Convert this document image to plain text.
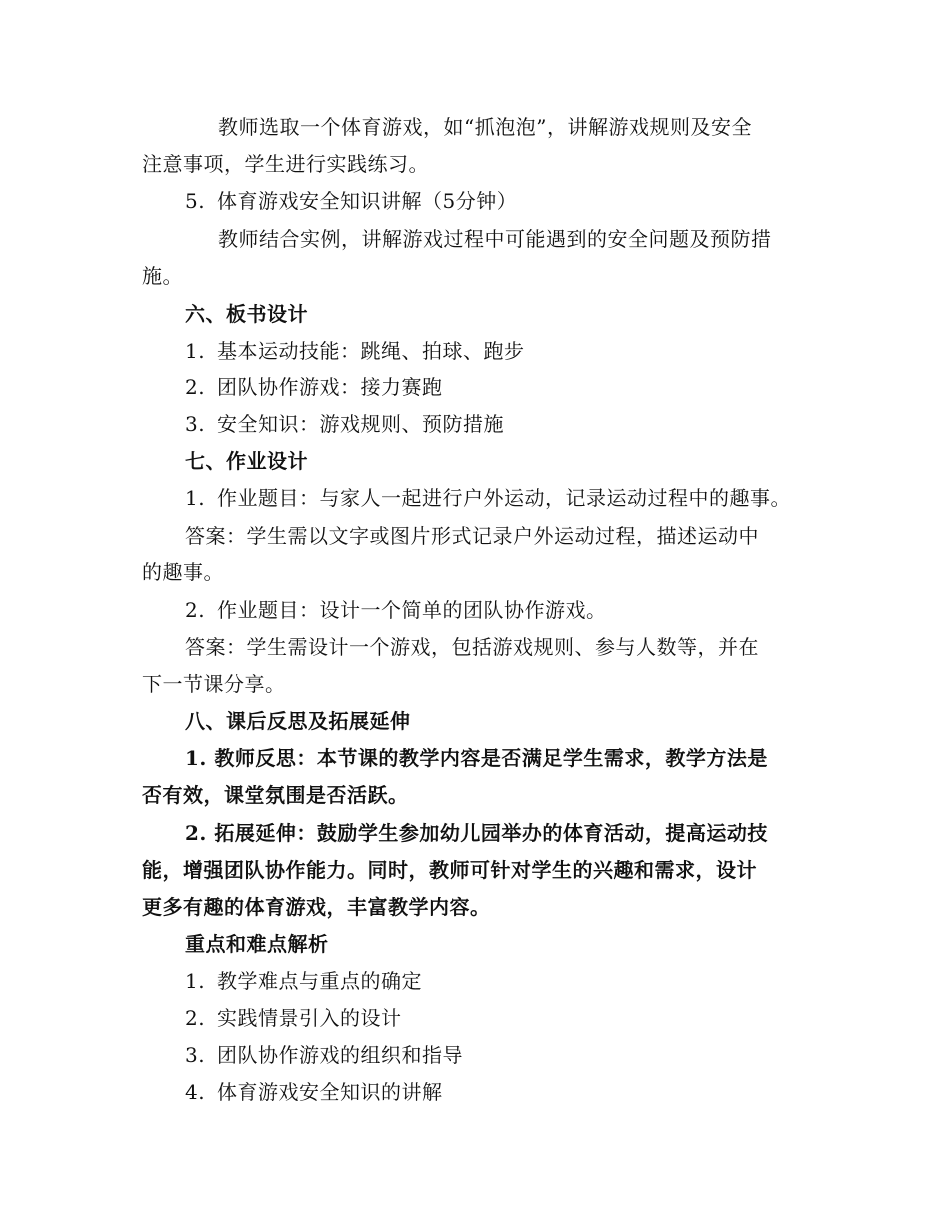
教师选取一个体育游戏，如“抓泡泡”，讲解游戏规则及安全
注意事项，学生进行实践练习。
5. 体育游戏安全知识讲解（5分钟）
教师结合实例，讲解游戏过程中可能遇到的安全问题及预防措
施。
六、板书设计
1. 基本运动技能：跳绳、拍球、跑步
2. 团队协作游戏：接力赛跑
3. 安全知识：游戏规则、预防措施
七、作业设计
1. 作业题目：与家人一起进行户外运动，记录运动过程中的趣事。
答案：学生需以文字或图片形式记录户外运动过程，描述运动中
的趣事。
2. 作业题目：设计一个简单的团队协作游戏。
答案：学生需设计一个游戏，包括游戏规则、参与人数等，并在
下一节课分享。
八、课后反思及拓展延伸
1. 教师反思：本节课的教学内容是否满足学生需求，教学方法是
否有效，课堂氛围是否活跃。
2. 拓展延伸：鼓励学生参加幼儿园举办的体育活动，提高运动技
能，增强团队协作能力。同时，教师可针对学生的兴趣和需求，设计
更多有趣的体育游戏，丰富教学内容。
重点和难点解析
1. 教学难点与重点的确定
2. 实践情景引入的设计
3. 团队协作游戏的组织和指导
4. 体育游戏安全知识的讲解
